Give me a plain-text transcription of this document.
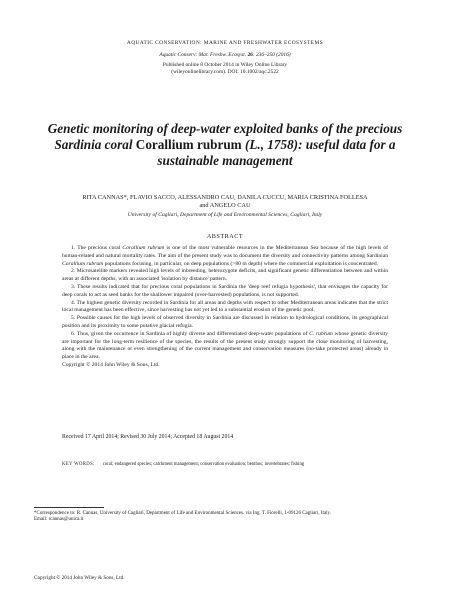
AQUATIC CONSERVATION: MARINE AND FRESHWATER ECOSYSTEMS
Aquatic Conserv: Mar. Freshw. Ecosyst. 26: 236–250 (2016)
Published online 8 October 2014 in Wiley Online Library
(wileyonlinelibrary.com). DOI: 10.1002/aqc.2522
Genetic monitoring of deep-water exploited banks of the precious Sardinia coral Corallium rubrum (L., 1758): useful data for a sustainable management
RITA CANNAS*, FLAVIO SACCO, ALESSANDRO CAU, DANILA CUCCU, MARIA CRISTINA FOLLESA
and ANGELO CAU
University of Cagliari, Department of Life and Environmental Sciences, Cagliari, Italy
ABSTRACT

1. The precious coral Corallium rubrum is one of the most vulnerable resources in the Mediterranean Sea because of the high levels of human-related and natural mortality rates. The aim of the present study was to document the diversity and connectivity patterns among Sardinian Corallium rubrum populations focusing, in particular, on deep populations (>80 m depth) where the commercial exploitation is concentrated.

2. Microsatellite markers revealed high levels of inbreeding, heterozygote deficits, and significant genetic differentiation between and within areas at different depths, with an associated 'isolation by distance' pattern.

3. These results indicated that for precious coral populations in Sardinia the 'deep reef refugia hypothesis', that envisages the capacity for deep corals to act as seed banks for the shallower impaired (over-harvested) populations, is not supported.

4. The highest genetic diversity recorded in Sardinia for all areas and depths with respect to other Mediterranean areas indicates that the strict local management has been effective, since harvesting has not yet led to a substantial erosion of the genetic pool.

5. Possible causes for the high levels of observed diversity in Sardinia are discussed in relation to hydrological conditions, its geographical position and its proximity to some putative glacial refugia.

6. Thus, given the occurrence in Sardinia of highly diverse and differentiated deep-water populations of C. rubrum whose genetic diversity are important for the long-term resilience of the species, the results of the present study strongly support the close monitoring of harvesting, along with the maintenance or even strengthening of the current management and conservation measures (no-take protected areas) already in place in the area.

Copyright © 2014 John Wiley & Sons, Ltd.

Received 17 April 2014; Revised 30 July 2014; Accepted 18 August 2014
KEY WORDS: coral; endangered species; catchment management; conservation evaluation; benthos; invertebrates; fishing
*Correspondence to: R. Cannas, University of Cagliari, Department of Life and Environmental Sciences. via Ing. T. Fiorelli, 1-09126 Cagliari, Italy.
Email: rcannas@unica.it
Copyright © 2014 John Wiley & Sons, Ltd.
